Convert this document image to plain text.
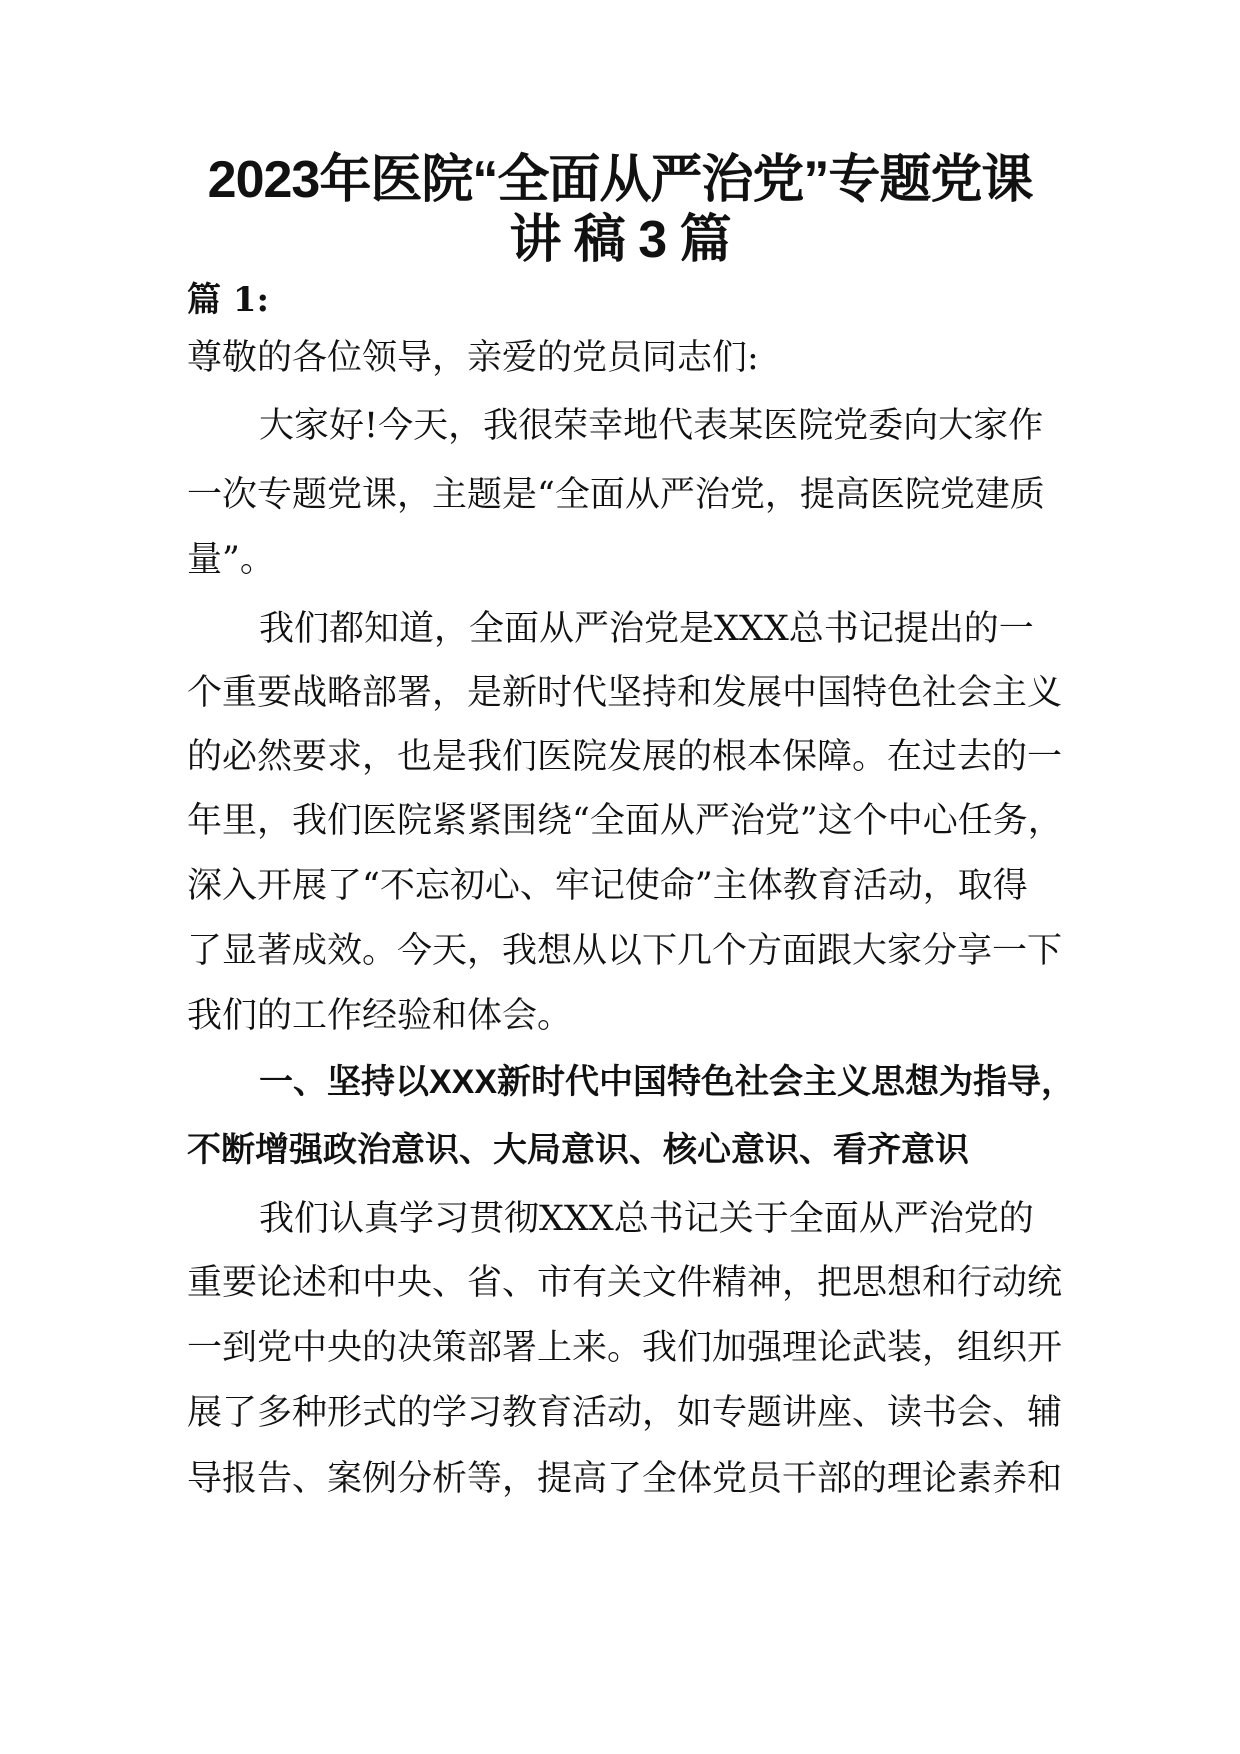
2023年医院“全面从严治党”专题党课
讲 稿 3 篇
篇 1:
尊敬的各位领导，亲爱的党员同志们:
大家好!今天，我很荣幸地代表某医院党委向大家作
一次专题党课，主题是“全面从严治党，提高医院党建质
量”。
我们都知道，全面从严治党是XXX总书记提出的一
个重要战略部署，是新时代坚持和发展中国特色社会主义
的必然要求，也是我们医院发展的根本保障。在过去的一
年里，我们医院紧紧围绕“全面从严治党”这个中心任务，
深入开展了“不忘初心、牢记使命”主体教育活动，取得
了显著成效。今天，我想从以下几个方面跟大家分享一下
我们的工作经验和体会。
一、坚持以XXX新时代中国特色社会主义思想为指导，
不断增强政治意识、大局意识、核心意识、看齐意识
我们认真学习贯彻XXX总书记关于全面从严治党的
重要论述和中央、省、市有关文件精神，把思想和行动统
一到党中央的决策部署上来。我们加强理论武装，组织开
展了多种形式的学习教育活动，如专题讲座、读书会、辅
导报告、案例分析等，提高了全体党员干部的理论素养和
